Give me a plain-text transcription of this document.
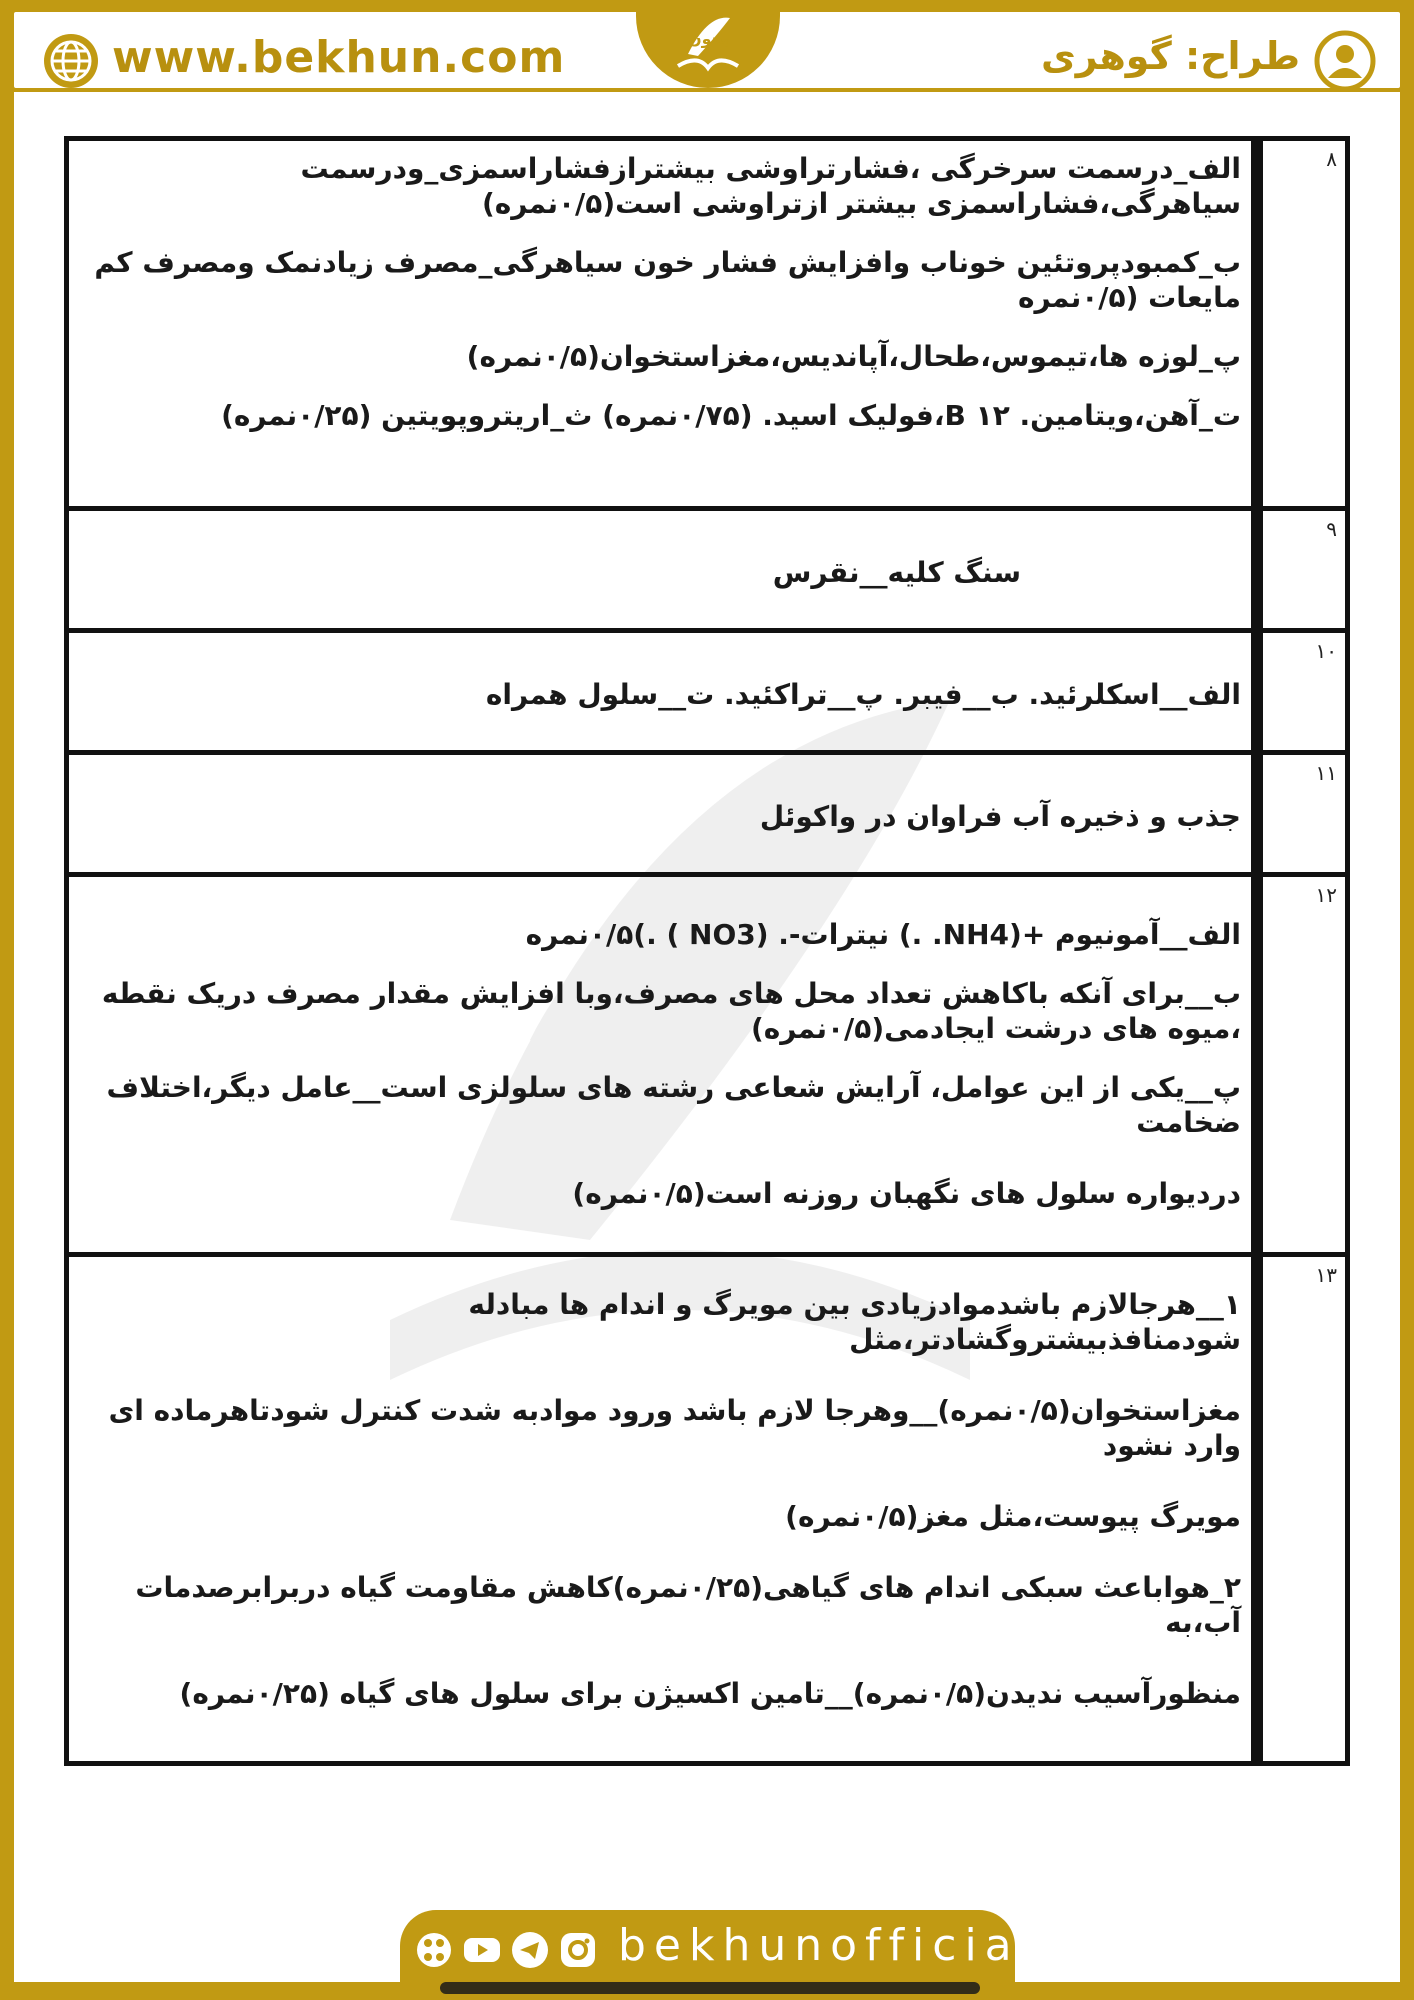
www.bekhun.com	طراح: گوهری
بخون
۸	الف_درسمت سرخرگی ،فشارتراوشی بیشترازفشاراسمزی_ودرسمت سیاهرگی،فشاراسمزی بیشتر ازتراوشی است(۰/۵نمره)
ب_کمبودپروتئین خوناب وافزایش فشار خون سیاهرگی_مصرف زیادنمک ومصرف کم مایعات (۰/۵نمره
پ_لوزه ها،تیموس،طحال،آپاندیس،مغزاستخوان(۰/۵نمره)
ت_آهن،ویتامین. B ۱۲،فولیک اسید. (۰/۷۵نمره) ث_اریتروپویتین (۰/۲۵نمره)

۹	سنگ کلیه__نقرس

۱۰	الف__اسکلرئید. ب__فیبر. پ__تراکئید. ت__سلول همراه

۱۱	جذب و ذخیره آب فراوان در واکوئل

۱۲	الف__آمونیوم +(NH4. .) نیترات-. (NO3 ) .)۰/۵نمره
ب__برای آنکه باکاهش تعداد محل های مصرف،وبا افزایش مقدار مصرف دریک نقطه ،میوه های درشت ایجادمی(۰/۵نمره)
پ__یکی از این عوامل، آرایش شعاعی رشته های سلولزی است__عامل دیگر،اختلاف ضخامت
درديواره سلول های نگهبان روزنه است(۰/۵نمره)

۱۳	۱__هرجالازم باشدموادزیادی بین مویرگ و اندام ها مبادله شودمنافذبیشتروگشادتر،مثل
مغزاستخوان(۰/۵نمره)__وهرجا لازم باشد ورود موادبه شدت کنترل شودتاهرماده ای وارد نشود
مویرگ پیوست،مثل مغز(۰/۵نمره)
۲_هواباعث سبکی اندام های گیاهی(۰/۲۵نمره)کاهش مقاومت گیاه دربرابرصدمات آب،به
منظورآسیب ندیدن(۰/۵نمره)__تامین اکسیژن برای سلول های گیاه (۰/۲۵نمره)
bekhunofficial
